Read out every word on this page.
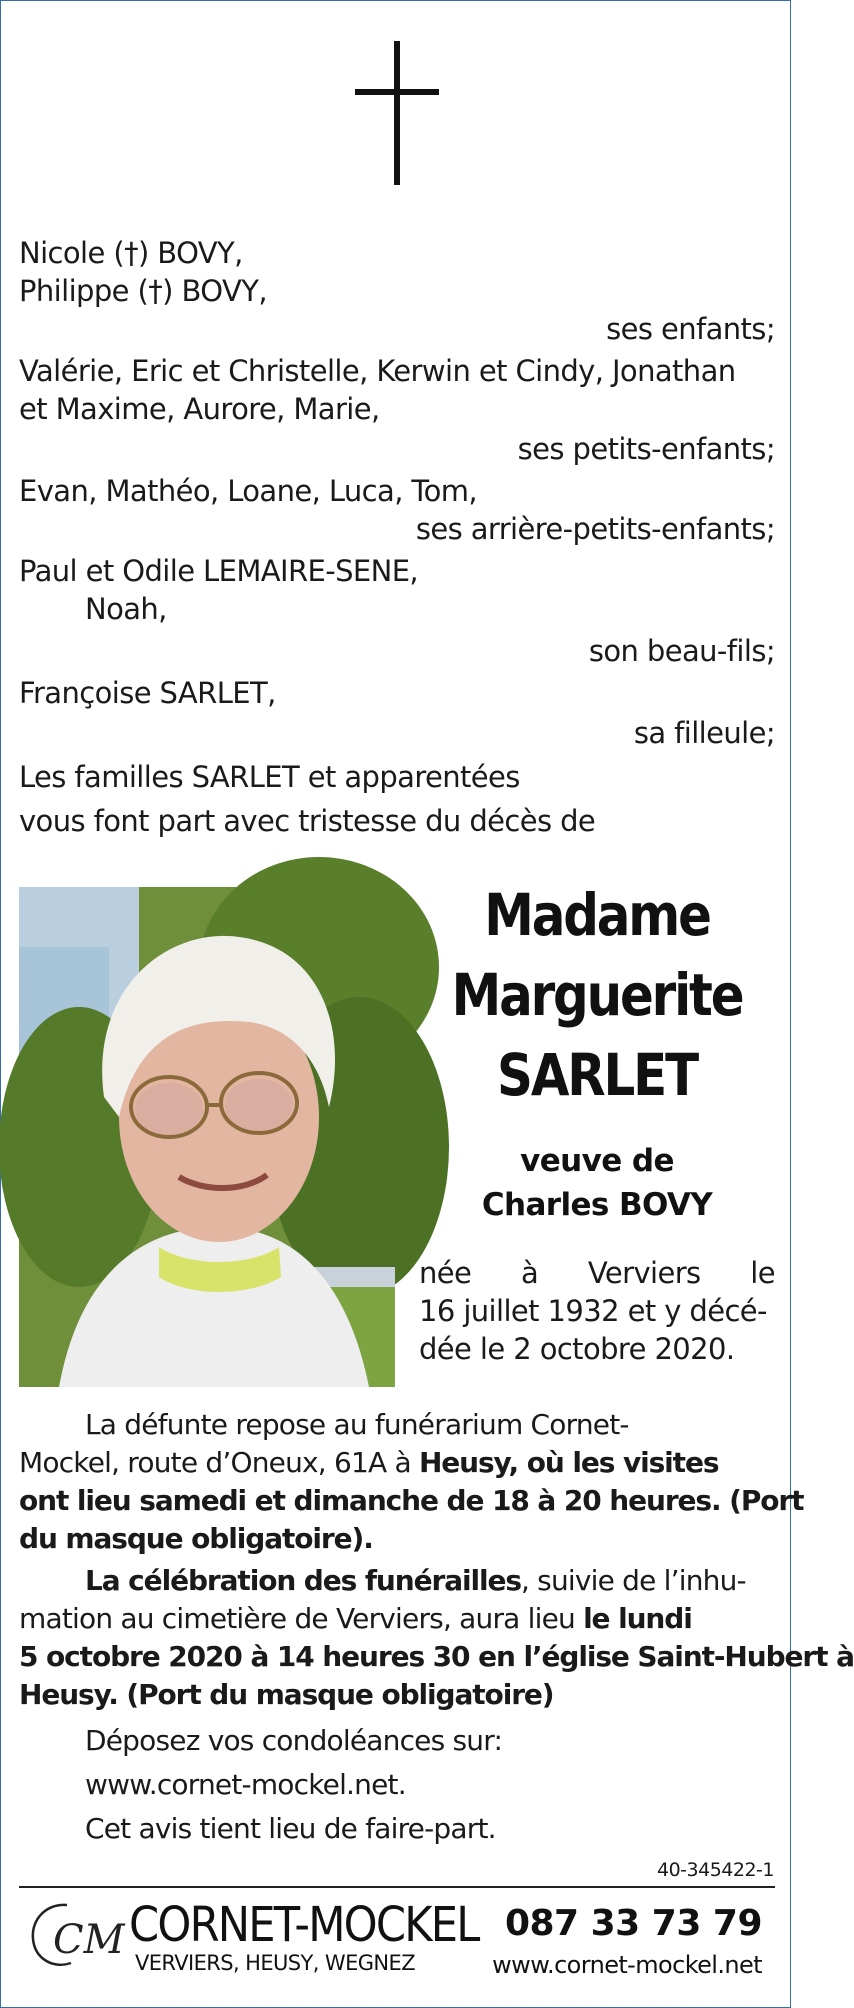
Nicole (†) BOVY,
Philippe (†) BOVY,
ses enfants;
Valérie, Eric et Christelle, Kerwin et Cindy, Jonathan
et Maxime, Aurore, Marie,
ses petits-enfants;
Evan, Mathéo, Loane, Luca, Tom,
ses arrière-petits-enfants;
Paul et Odile LEMAIRE-SENE,
Noah,
son beau-fils;
Françoise SARLET,
sa filleule;
Les familles SARLET et apparentées
vous font part avec tristesse du décès de
Madame
Marguerite
SARLET
veuve de
Charles BOVY
née à Verviers le
16 juillet 1932 et y décé-
dée le 2 octobre 2020.
La défunte repose au funérarium Cornet-
Mockel, route d’Oneux, 61A à Heusy, où les visites
ont lieu samedi et dimanche de 18 à 20 heures. (Port
du masque obligatoire).
La célébration des funérailles, suivie de l’inhu-
mation au cimetière de Verviers, aura lieu le lundi
5 octobre 2020 à 14 heures 30 en l’église Saint-Hubert à
Heusy. (Port du masque obligatoire)
Déposez vos condoléances sur:
www.cornet-mockel.net.
Cet avis tient lieu de faire-part.
40-345422-1
CM CORNET-MOCKEL
VERVIERS, HEUSY, WEGNEZ
087 33 73 79
www.cornet-mockel.net
